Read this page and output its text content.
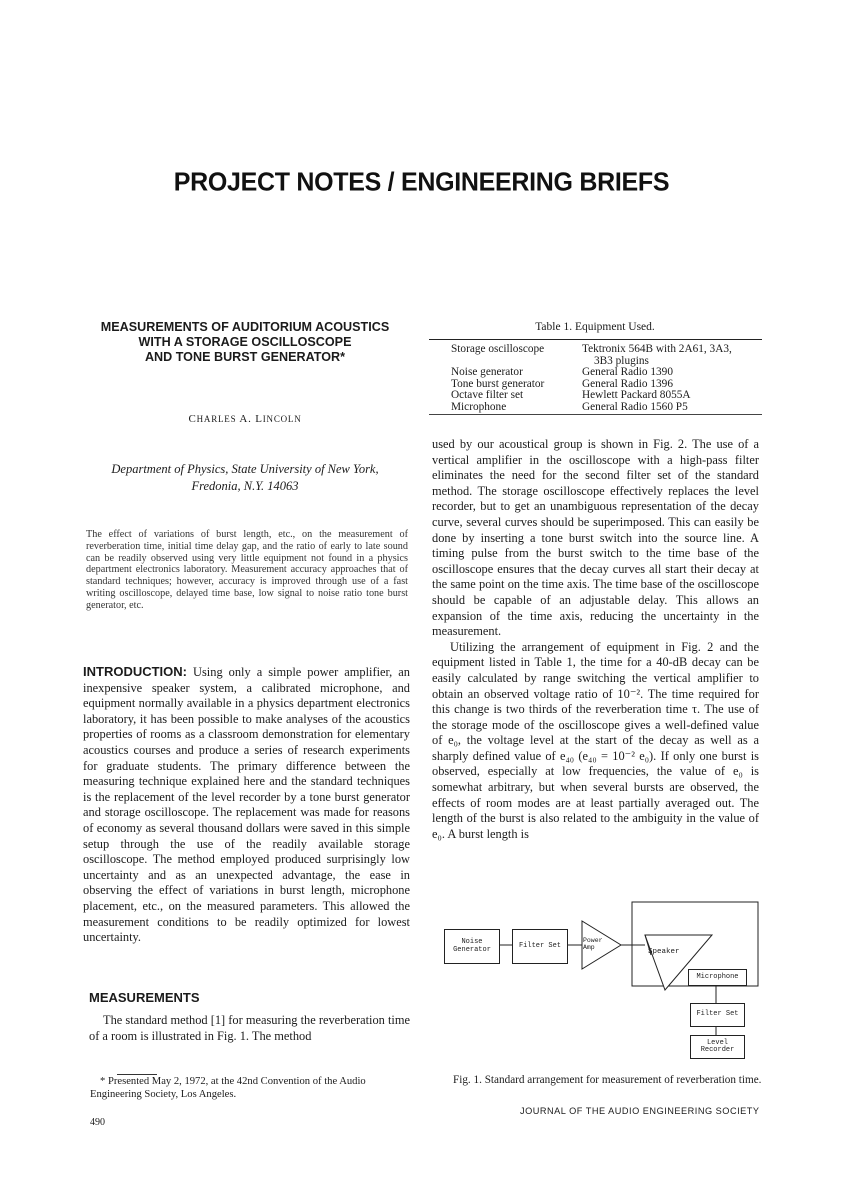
PROJECT NOTES / ENGINEERING BRIEFS
MEASUREMENTS OF AUDITORIUM ACOUSTICS
WITH A STORAGE OSCILLOSCOPE
AND TONE BURST GENERATOR*
CHARLES A. LINCOLN
Department of Physics, State University of New York,
Fredonia, N.Y. 14063
The effect of variations of burst length, etc., on the measurement of reverberation time, initial time delay gap, and the ratio of early to late sound can be readily observed using very little equipment not found in a physics department electronics laboratory. Measurement accuracy approaches that of standard techniques; however, accuracy is improved through use of a fast writing oscilloscope, delayed time base, low signal to noise ratio tone burst generator, etc.
INTRODUCTION: Using only a simple power amplifier, an inexpensive speaker system, a calibrated microphone, and equipment normally available in a physics department electronics laboratory, it has been possible to make analyses of the acoustics properties of rooms as a classroom demonstration for elementary acoustics courses and produce a series of research experiments for graduate students. The primary difference between the measuring technique explained here and the standard techniques is the replacement of the level recorder by a tone burst generator and storage oscilloscope. The replacement was made for reasons of economy as several thousand dollars were saved in this simple setup through the use of the readily available storage oscilloscope. The method employed produced surprisingly low uncertainty and as an unexpected advantage, the ease in observing the effect of variations in burst length, microphone placement, etc., on the measured parameters. This allowed the measurement conditions to be readily optimized for lowest uncertainty.
MEASUREMENTS
The standard method [1] for measuring the reverberation time of a room is illustrated in Fig. 1. The method
* Presented May 2, 1972, at the 42nd Convention of the Audio Engineering Society, Los Angeles.
490
Table 1. Equipment Used.
Storage oscilloscope	Tektronix 564B with 2A61, 3A3,
	3B3 plugins
Noise generator	General Radio 1390
Tone burst generator	General Radio 1396
Octave filter set	Hewlett Packard 8055A
Microphone	General Radio 1560 P5

used by our acoustical group is shown in Fig. 2. The use of a vertical amplifier in the oscilloscope with a high-pass filter eliminates the need for the second filter set of the standard method. The storage oscilloscope effectively replaces the level recorder, but to get an unambiguous representation of the decay curve, several curves should be superimposed. This can easily be done by inserting a tone burst switch into the source line. A timing pulse from the burst switch to the time base of the oscilloscope ensures that the decay curves all start their decay at the same point on the time axis. The time base of the oscilloscope should be capable of an adjustable delay. This allows an expansion of the time axis, reducing the uncertainty in the measurement.

Utilizing the arrangement of equipment in Fig. 2 and the equipment listed in Table 1, the time for a 40-dB decay can be easily calculated by range switching the vertical amplifier to obtain an observed voltage ratio of 10⁻². The time required for this change is two thirds of the reverberation time τ. The use of the storage mode of the oscilloscope gives a well-defined value of e₀, the voltage level at the start of the decay as well as a sharply defined value of e₄₀ (e₄₀ = 10⁻² e₀). If only one burst is observed, especially at low frequencies, the value of e₀ is somewhat arbitrary, but when several bursts are observed, the effects of room modes are at least partially averaged out. The length of the burst is also related to the ambiguity in the value of e₀. A burst length is

Noise Generator	Filter Set
Power Amp
Speaker
Microphone
Filter Set
Level Recorder
Fig. 1. Standard arrangement for measurement of reverberation time.
JOURNAL OF THE AUDIO ENGINEERING SOCIETY
